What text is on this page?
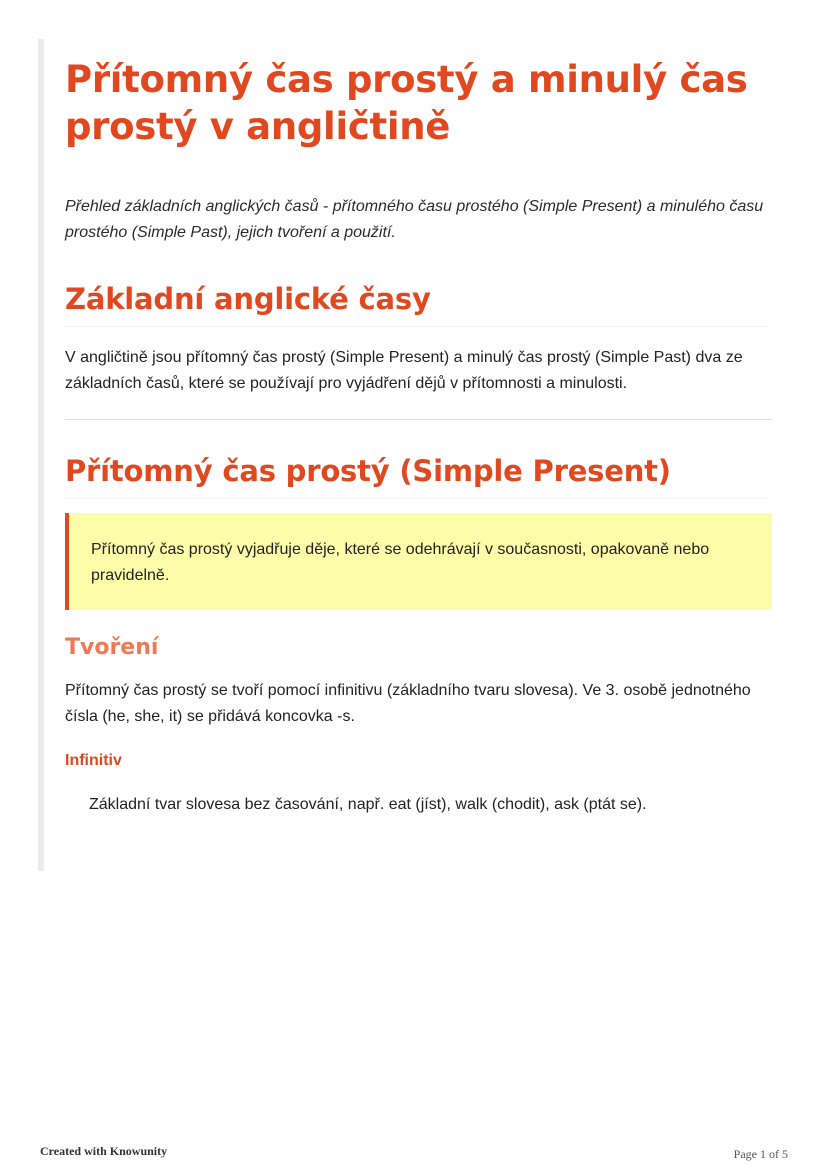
Přítomný čas prostý a minulý čas prostý v angličtině

Přehled základních anglických časů - přítomného času prostého (Simple Present) a minulého času prostého (Simple Past), jejich tvoření a použití.

Základní anglické časy

V angličtině jsou přítomný čas prostý (Simple Present) a minulý čas prostý (Simple Past) dva ze základních časů, které se používají pro vyjádření dějů v přítomnosti a minulosti.

Přítomný čas prostý (Simple Present)
Přítomný čas prostý vyjadřuje děje, které se odehrávají v současnosti, opakovaně nebo pravidelně.
Tvoření

Přítomný čas prostý se tvoří pomocí infinitivu (základního tvaru slovesa). Ve 3. osobě jednotného čísla (he, she, it) se přidává koncovka -s.

Infinitiv

Základní tvar slovesa bez časování, např. eat (jíst), walk (chodit), ask (ptát se).

Created with Knowunity	Page 1 of 5
